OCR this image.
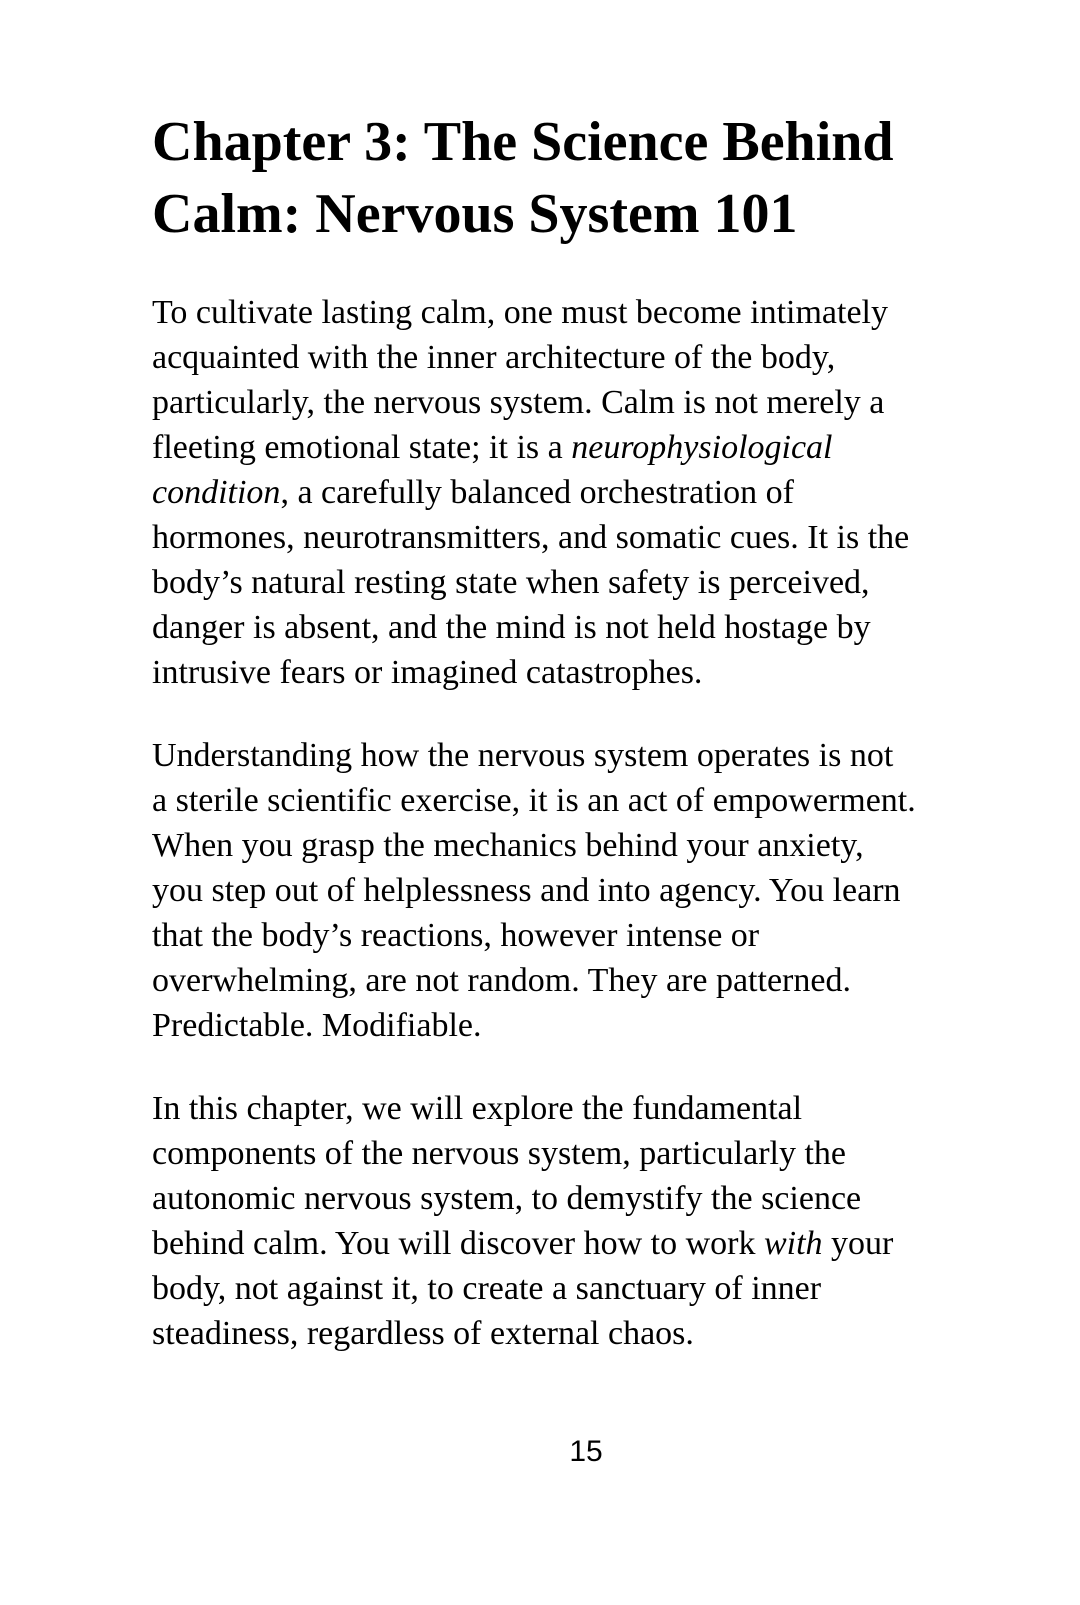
Chapter 3: The Science Behind
Calm: Nervous System 101

To cultivate lasting calm, one must become intimately
acquainted with the inner architecture of the body,
particularly, the nervous system. Calm is not merely a
fleeting emotional state; it is a neurophysiological
condition, a carefully balanced orchestration of
hormones, neurotransmitters, and somatic cues. It is the
body’s natural resting state when safety is perceived,
danger is absent, and the mind is not held hostage by
intrusive fears or imagined catastrophes.

Understanding how the nervous system operates is not
a sterile scientific exercise, it is an act of empowerment.
When you grasp the mechanics behind your anxiety,
you step out of helplessness and into agency. You learn
that the body’s reactions, however intense or
overwhelming, are not random. They are patterned.
Predictable. Modifiable.

In this chapter, we will explore the fundamental
components of the nervous system, particularly the
autonomic nervous system, to demystify the science
behind calm. You will discover how to work with your
body, not against it, to create a sanctuary of inner
steadiness, regardless of external chaos.

15
